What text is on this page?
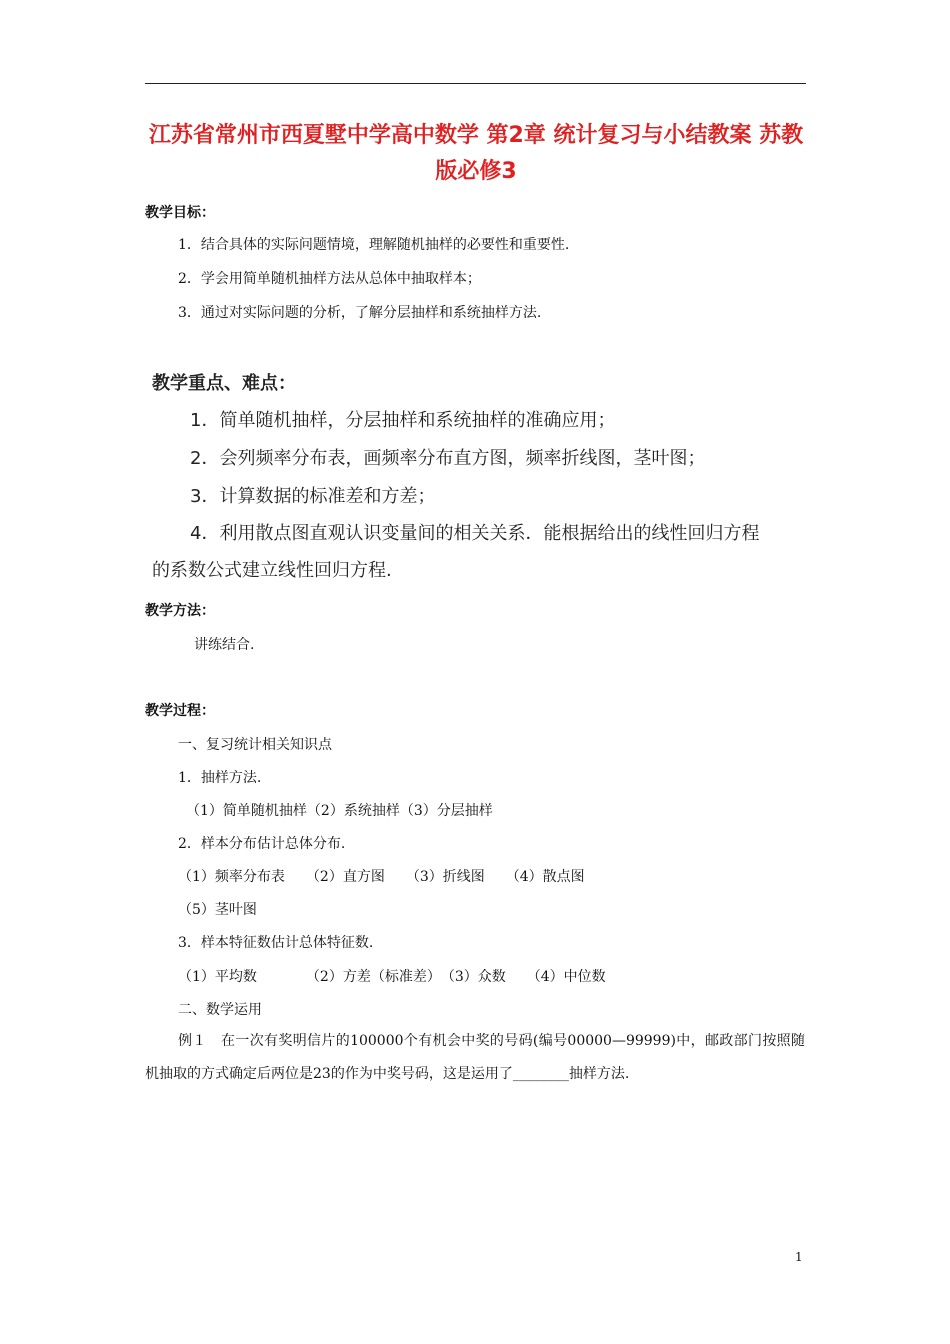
江苏省常州市西夏墅中学高中数学 第2章 统计复习与小结教案 苏教版必修3
教学目标：
1．结合具体的实际问题情境，理解随机抽样的必要性和重要性.
2．学会用简单随机抽样方法从总体中抽取样本；
3．通过对实际问题的分析，了解分层抽样和系统抽样方法.
教学重点、难点：
1．简单随机抽样，分层抽样和系统抽样的准确应用；
2．会列频率分布表，画频率分布直方图，频率折线图，茎叶图；
3．计算数据的标准差和方差；
4．利用散点图直观认识变量间的相关关系．能根据给出的线性回归方程
的系数公式建立线性回归方程.
教学方法：
讲练结合.
教学过程：
一、复习统计相关知识点
1．抽样方法.
（1）简单随机抽样（2）系统抽样（3）分层抽样
2．样本分布估计总体分布.
（1）频率分布表　　（2）直方图　　（3）折线图　　（4）散点图
（5）茎叶图
3．样本特征数估计总体特征数.
（1）平均数　　　　（2）方差（标准差）　（3）众数　　（4）中位数
二、数学运用
例１　在一次有奖明信片的100000个有机会中奖的号码(编号00000—99999)中，邮政部门按照随机抽取的方式确定后两位是23的作为中奖号码，这是运用了________抽样方法.
1
